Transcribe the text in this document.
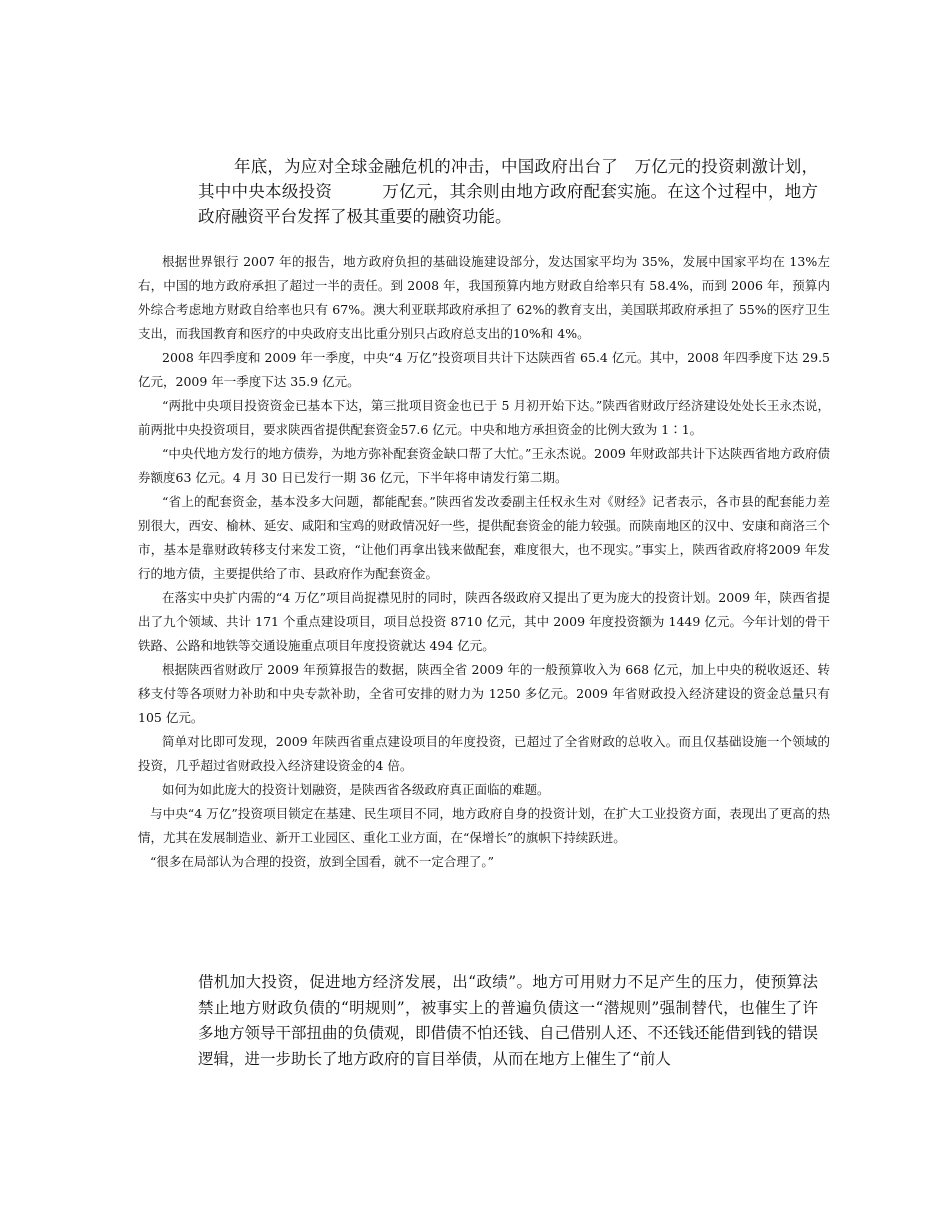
年底，为应对全球金融危机的冲击，中国政府出台了　万亿元的投资刺激计划，其中中央本级投资　　　万亿元，其余则由地方政府配套实施。在这个过程中，地方政府融资平台发挥了极其重要的融资功能。

根据世界银行 2007 年的报告，地方政府负担的基础设施建设部分，发达国家平均为 35%，发展中国家平均在 13%左右，中国的地方政府承担了超过一半的责任。到 2008 年，我国预算内地方财政自给率只有 58.4%，而到 2006 年，预算内外综合考虑地方财政自给率也只有 67%。澳大利亚联邦政府承担了 62%的教育支出，美国联邦政府承担了 55%的医疗卫生支出，而我国教育和医疗的中央政府支出比重分别只占政府总支出的10%和 4%。

2008 年四季度和 2009 年一季度，中央“4 万亿”投资项目共计下达陕西省 65.4 亿元。其中，2008 年四季度下达 29.5 亿元，2009 年一季度下达 35.9 亿元。

“两批中央项目投资资金已基本下达，第三批项目资金也已于 5 月初开始下达。”陕西省财政厅经济建设处处长王永杰说，前两批中央投资项目，要求陕西省提供配套资金57.6 亿元。中央和地方承担资金的比例大致为 1∶1。

“中央代地方发行的地方债券，为地方弥补配套资金缺口帮了大忙。”王永杰说。2009 年财政部共计下达陕西省地方政府债券额度63 亿元。4 月 30 日已发行一期 36 亿元，下半年将申请发行第二期。

“省上的配套资金，基本没多大问题，都能配套。”陕西省发改委副主任权永生对《财经》记者表示，各市县的配套能力差别很大，西安、榆林、延安、咸阳和宝鸡的财政情况好一些，提供配套资金的能力较强。而陕南地区的汉中、安康和商洛三个市，基本是靠财政转移支付来发工资，“让他们再拿出钱来做配套，难度很大，也不现实。”事实上，陕西省政府将2009 年发行的地方债，主要提供给了市、县政府作为配套资金。

在落实中央扩内需的“4 万亿”项目尚捉襟见肘的同时，陕西各级政府又提出了更为庞大的投资计划。2009 年，陕西省提出了九个领域、共计 171 个重点建设项目，项目总投资 8710 亿元，其中 2009 年度投资额为 1449 亿元。今年计划的骨干铁路、公路和地铁等交通设施重点项目年度投资就达 494 亿元。

根据陕西省财政厅 2009 年预算报告的数据，陕西全省 2009 年的一般预算收入为 668 亿元，加上中央的税收返还、转移支付等各项财力补助和中央专款补助，全省可安排的财力为 1250 多亿元。2009 年省财政投入经济建设的资金总量只有 105 亿元。

简单对比即可发现，2009 年陕西省重点建设项目的年度投资，已超过了全省财政的总收入。而且仅基础设施一个领域的投资，几乎超过省财政投入经济建设资金的4 倍。

如何为如此庞大的投资计划融资，是陕西省各级政府真正面临的难题。

与中央“4 万亿”投资项目锁定在基建、民生项目不同，地方政府自身的投资计划，在扩大工业投资方面，表现出了更高的热情，尤其在发展制造业、新开工业园区、重化工业方面，在“保增长”的旗帜下持续跃进。

“很多在局部认为合理的投资，放到全国看，就不一定合理了。”

借机加大投资，促进地方经济发展，出“政绩”。地方可用财力不足产生的压力，使预算法禁止地方财政负债的“明规则”，被事实上的普遍负债这一“潜规则”强制替代，也催生了许多地方领导干部扭曲的负债观，即借债不怕还钱、自己借别人还、不还钱还能借到钱的错误逻辑，进一步助长了地方政府的盲目举债，从而在地方上催生了“前人
